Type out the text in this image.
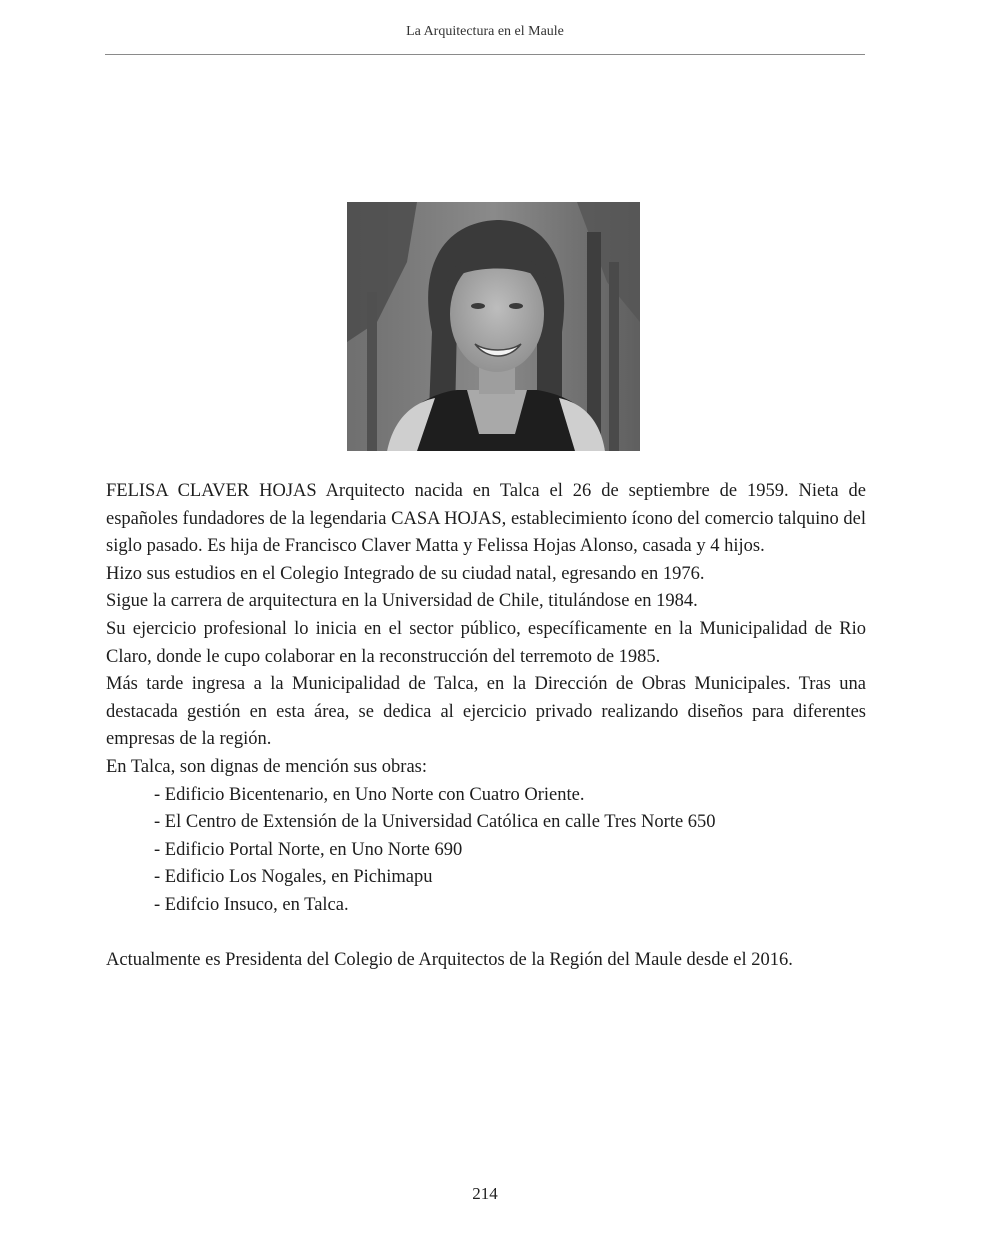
La Arquitectura en el Maule

FELISA CLAVER HOJAS Arquitecto nacida en Talca el 26 de septiembre de 1959. Nieta de españoles fundadores de la legendaria CASA HOJAS, establecimiento ícono del comercio talquino del siglo pasado. Es hija de Francisco Claver Matta y Felissa Hojas Alonso, casada y 4 hijos.

Hizo sus estudios en el Colegio Integrado de su ciudad natal, egresando en 1976.

Sigue la carrera de arquitectura en la Universidad de Chile, titulándose en 1984.

Su ejercicio profesional lo inicia en el sector público, específicamente en la Municipalidad de Rio Claro, donde le cupo colaborar en la reconstrucción del terremoto de 1985.

Más tarde ingresa a la Municipalidad de Talca, en la Dirección de Obras Municipales. Tras una destacada gestión en esta área, se dedica al ejercicio privado realizando diseños para diferentes empresas de la región.

En Talca, son dignas de mención sus obras:

- Edificio Bicentenario, en Uno Norte con Cuatro Oriente.
- El Centro de Extensión de la Universidad Católica en calle Tres Norte 650
- Edificio Portal Norte, en Uno Norte 690
- Edificio Los Nogales, en Pichimapu
- Edifcio Insuco, en Talca.

Actualmente es Presidenta del Colegio de Arquitectos de la Región del Maule desde el 2016.

214
